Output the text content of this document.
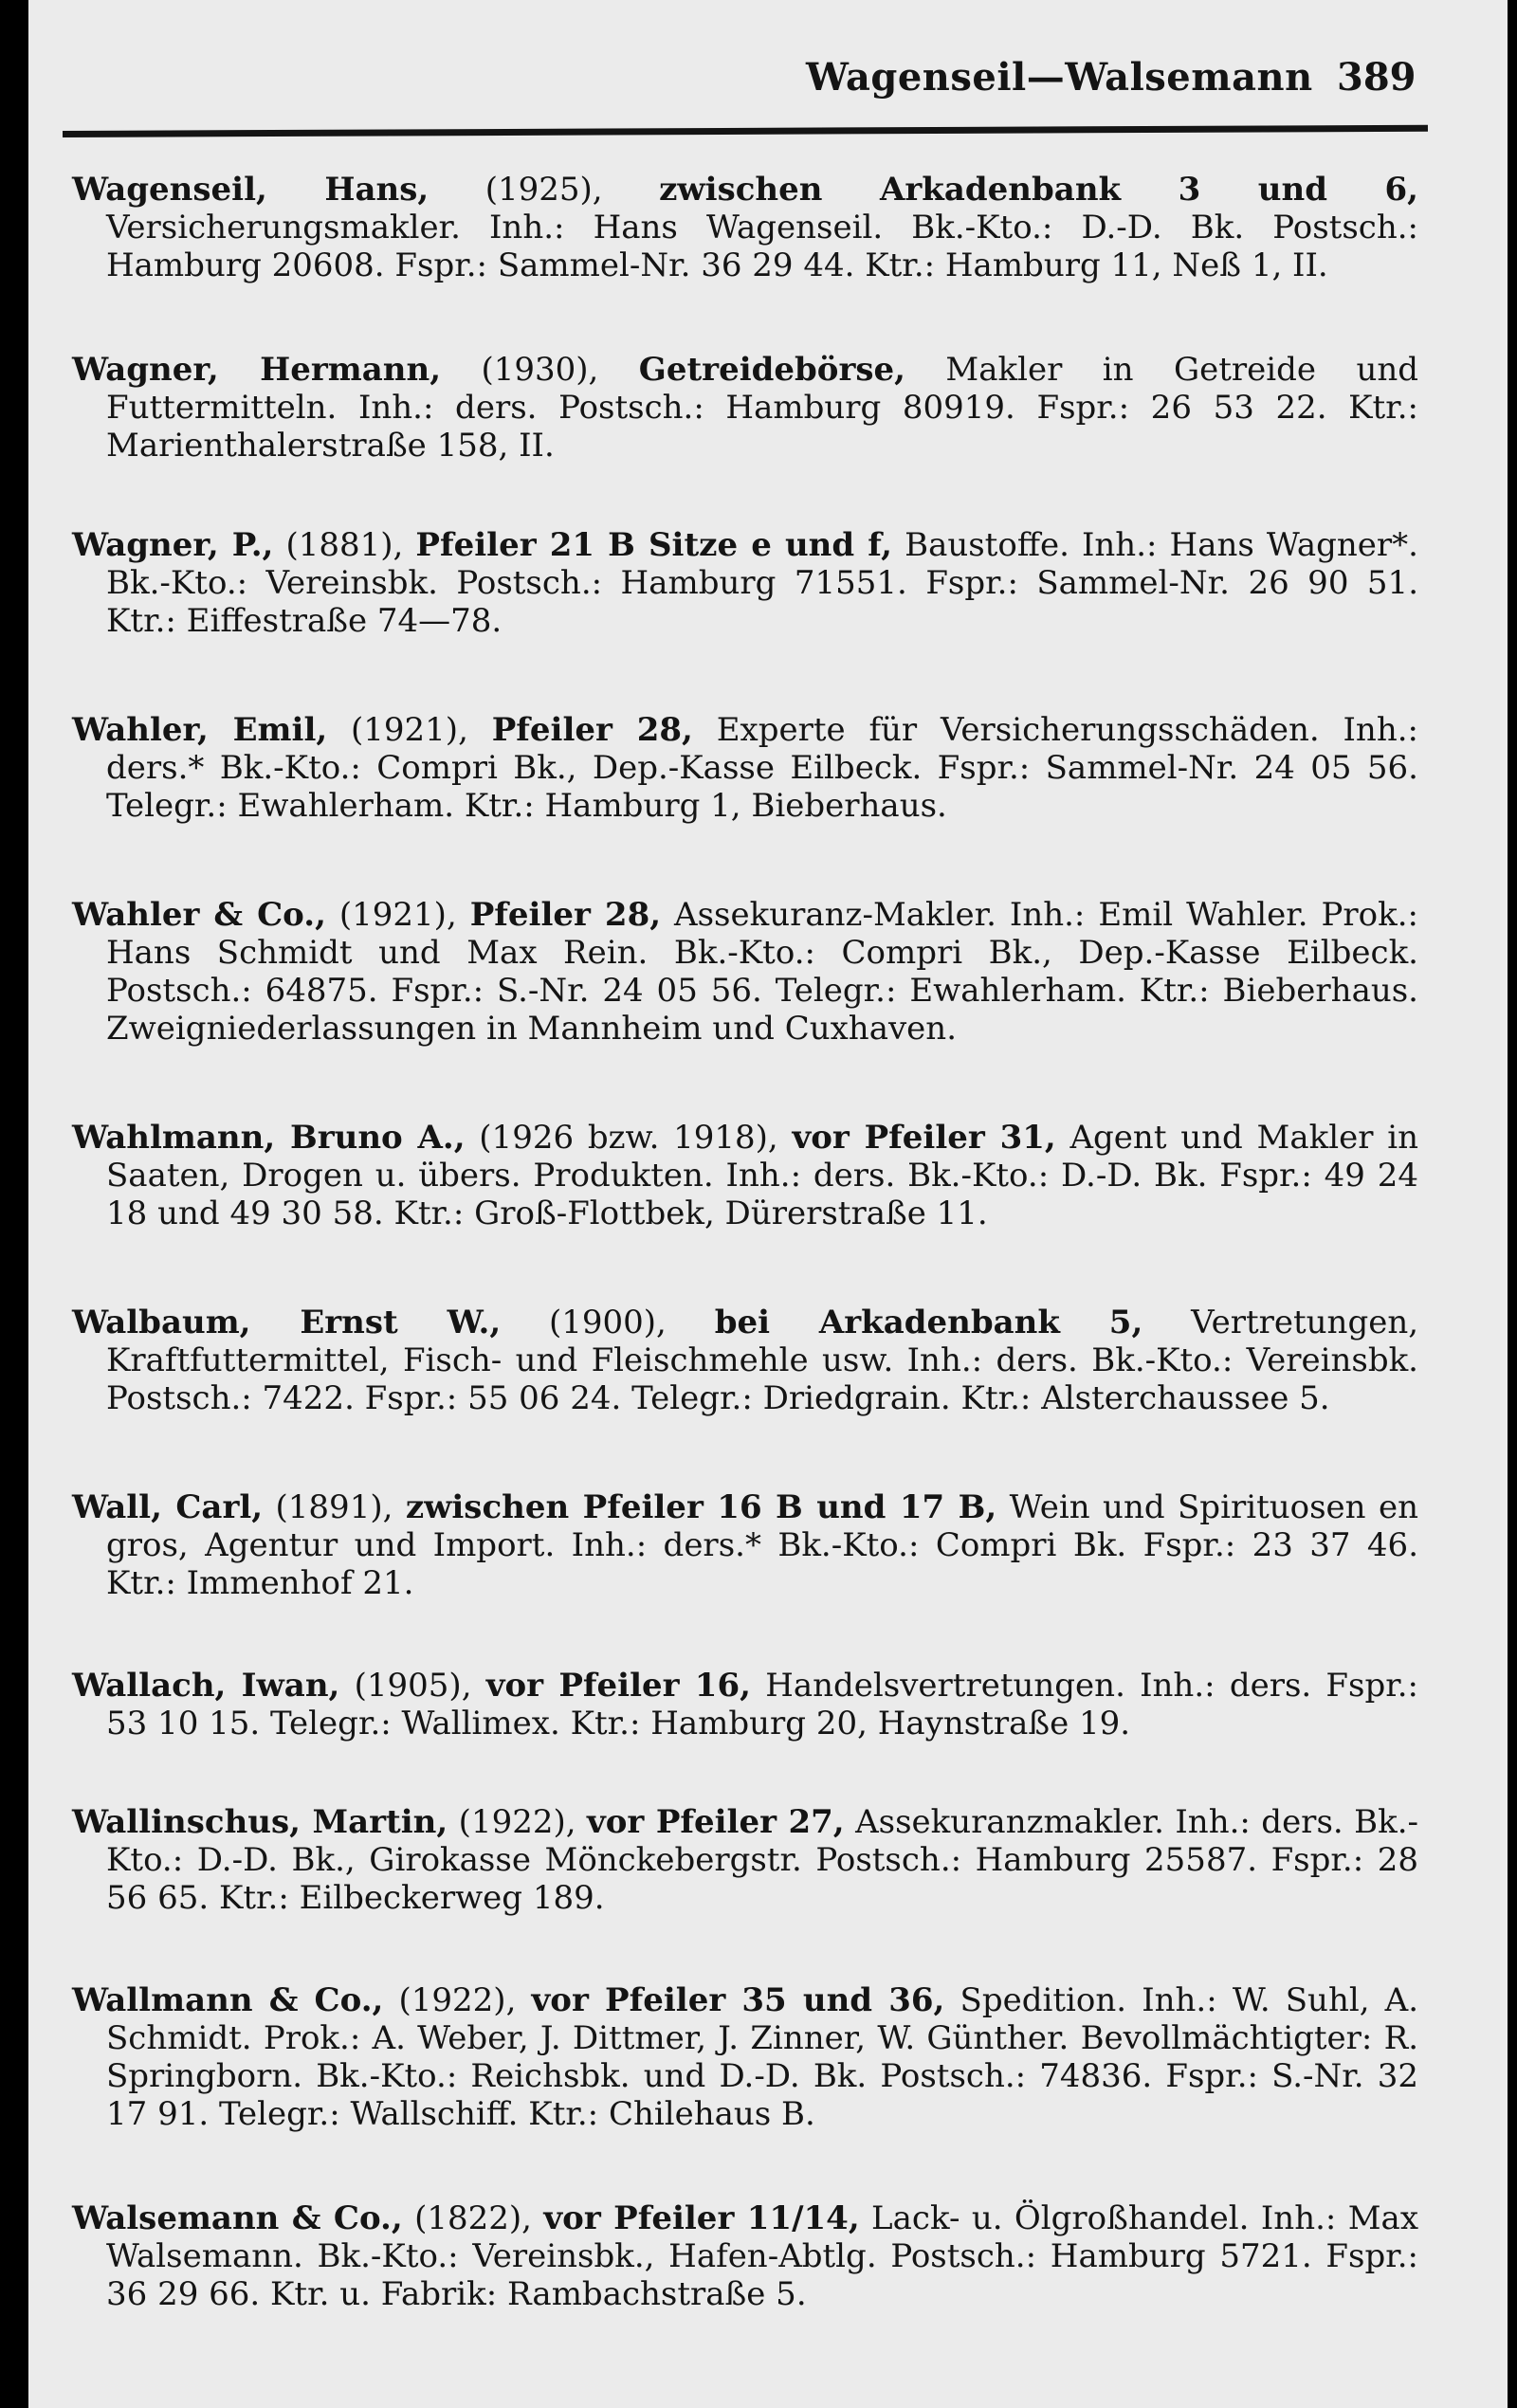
Wagenseil—Walsemann 389
Wagenseil, Hans, (1925), zwischen Arkadenbank 3 und 6, Versicherungsmakler. Inh.: Hans Wagenseil. Bk.-Kto.: D.-D. Bk. Postsch.: Hamburg 20608. Fspr.: Sammel-Nr. 36 29 44. Ktr.: Hamburg 11, Neß 1, II.
Wagner, Hermann, (1930), Getreidebörse, Makler in Getreide und Futtermitteln. Inh.: ders. Postsch.: Hamburg 80919. Fspr.: 26 53 22. Ktr.: Marienthalerstraße 158, II.
Wagner, P., (1881), Pfeiler 21 B Sitze e und f, Baustoffe. Inh.: Hans Wagner*. Bk.-Kto.: Vereinsbk. Postsch.: Hamburg 71551. Fspr.: Sammel-Nr. 26 90 51. Ktr.: Eiffestraße 74—78.
Wahler, Emil, (1921), Pfeiler 28, Experte für Versicherungsschäden. Inh.: ders.* Bk.-Kto.: Compri Bk., Dep.-Kasse Eilbeck. Fspr.: Sammel-Nr. 24 05 56. Telegr.: Ewahlerham. Ktr.: Hamburg 1, Bieberhaus.
Wahler & Co., (1921), Pfeiler 28, Assekuranz-Makler. Inh.: Emil Wahler. Prok.: Hans Schmidt und Max Rein. Bk.-Kto.: Compri Bk., Dep.-Kasse Eilbeck. Postsch.: 64875. Fspr.: S.-Nr. 24 05 56. Telegr.: Ewahlerham. Ktr.: Bieberhaus. Zweigniederlassungen in Mannheim und Cuxhaven.
Wahlmann, Bruno A., (1926 bzw. 1918), vor Pfeiler 31, Agent und Makler in Saaten, Drogen u. übers. Produkten. Inh.: ders. Bk.-Kto.: D.-D. Bk. Fspr.: 49 24 18 und 49 30 58. Ktr.: Groß-Flottbek, Dürerstraße 11.
Walbaum, Ernst W., (1900), bei Arkadenbank 5, Vertretungen, Kraftfuttermittel, Fisch- und Fleischmehle usw. Inh.: ders. Bk.-Kto.: Vereinsbk. Postsch.: 7422. Fspr.: 55 06 24. Telegr.: Driedgrain. Ktr.: Alsterchaussee 5.
Wall, Carl, (1891), zwischen Pfeiler 16 B und 17 B, Wein und Spirituosen en gros, Agentur und Import. Inh.: ders.* Bk.-Kto.: Compri Bk. Fspr.: 23 37 46. Ktr.: Immenhof 21.
Wallach, Iwan, (1905), vor Pfeiler 16, Handelsvertretungen. Inh.: ders. Fspr.: 53 10 15. Telegr.: Wallimex. Ktr.: Hamburg 20, Haynstraße 19.
Wallinschus, Martin, (1922), vor Pfeiler 27, Assekuranzmakler. Inh.: ders. Bk.-Kto.: D.-D. Bk., Girokasse Mönckebergstr. Postsch.: Hamburg 25587. Fspr.: 28 56 65. Ktr.: Eilbeckerweg 189.
Wallmann & Co., (1922), vor Pfeiler 35 und 36, Spedition. Inh.: W. Suhl, A. Schmidt. Prok.: A. Weber, J. Dittmer, J. Zinner, W. Günther. Bevollmächtigter: R. Springborn. Bk.-Kto.: Reichsbk. und D.-D. Bk. Postsch.: 74836. Fspr.: S.-Nr. 32 17 91. Telegr.: Wallschiff. Ktr.: Chilehaus B.
Walsemann & Co., (1822), vor Pfeiler 11/14, Lack- u. Ölgroßhandel. Inh.: Max Walsemann. Bk.-Kto.: Vereinsbk., Hafen-Abtlg. Postsch.: Hamburg 5721. Fspr.: 36 29 66. Ktr. u. Fabrik: Rambachstraße 5.
